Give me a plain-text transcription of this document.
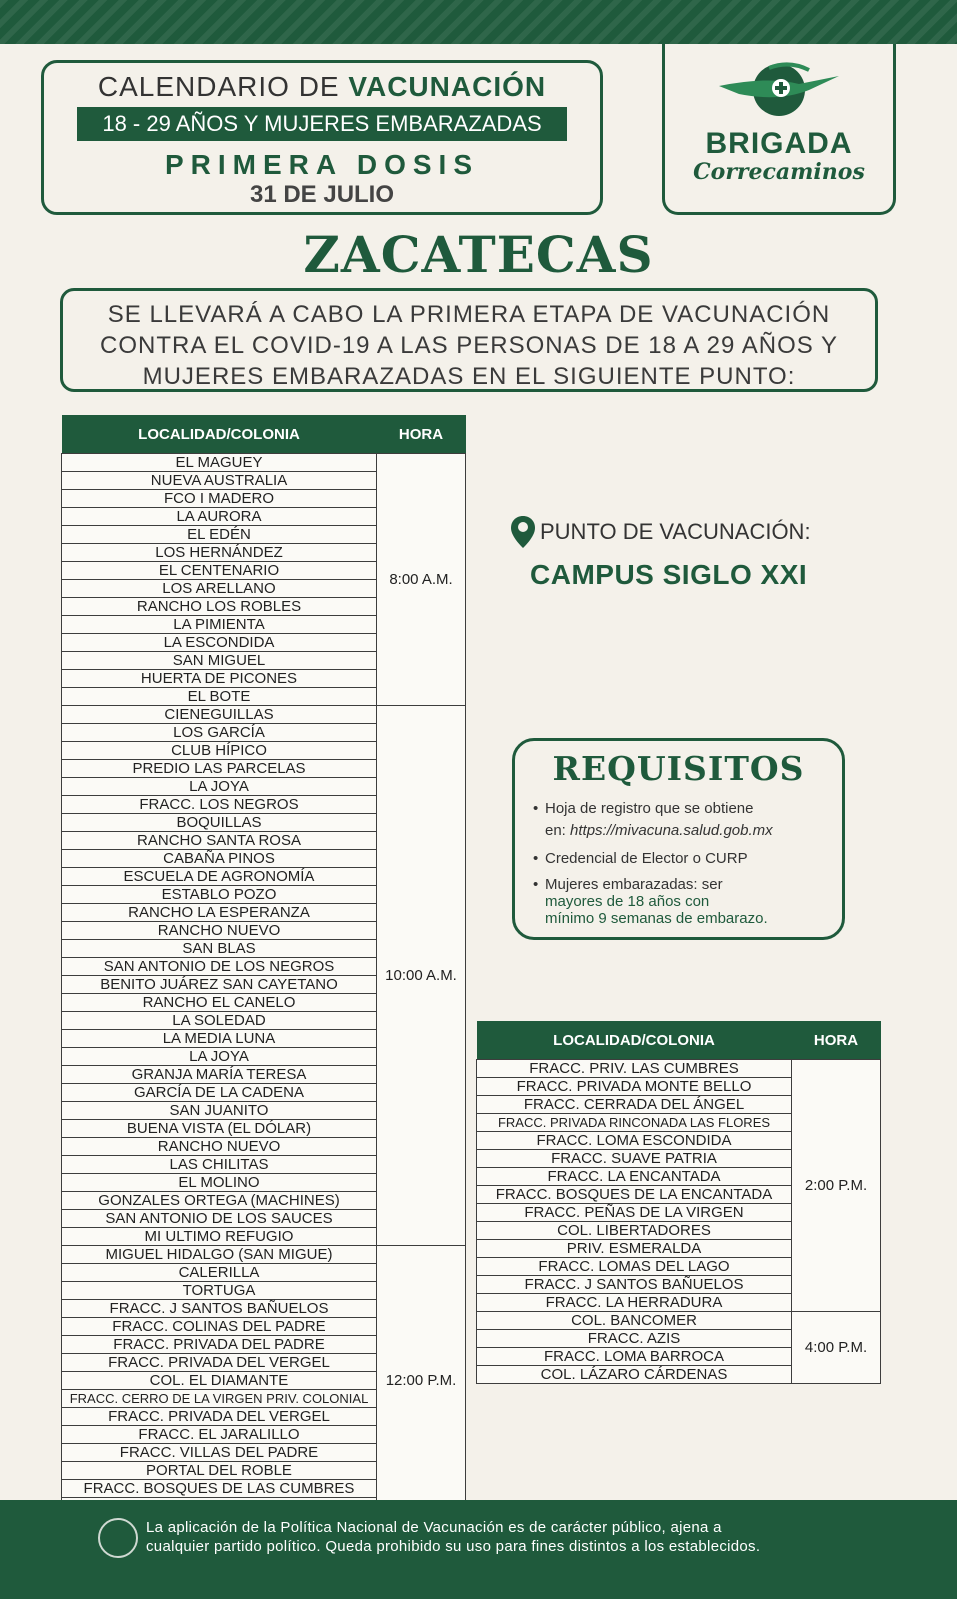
CALENDARIO DE VACUNACIÓN
18 - 29 AÑOS Y MUJERES EMBARAZADAS
PRIMERA DOSIS
31 DE JULIO
BRIGADA
Correcaminos
ZACATECAS
SE LLEVARÁ A CABO LA PRIMERA ETAPA DE VACUNACIÓN
CONTRA EL COVID-19 A LAS PERSONAS DE 18 A 29 AÑOS Y
MUJERES EMBARAZADAS EN EL SIGUIENTE PUNTO:
LOCALIDAD/COLONIA	HORA
EL MAGUEY	8:00 A.M.
NUEVA AUSTRALIA	
FCO I MADERO	
LA AURORA	
EL EDÉN	
LOS HERNÁNDEZ	
EL CENTENARIO	
LOS ARELLANO	
RANCHO LOS ROBLES	
LA PIMIENTA	
LA ESCONDIDA	
SAN MIGUEL	
HUERTA DE PICONES	
EL BOTE	
CIENEGUILLAS	10:00 A.M.
LOS GARCÍA	
CLUB HÍPICO	
PREDIO LAS PARCELAS	
LA JOYA	
FRACC. LOS NEGROS	
BOQUILLAS	
RANCHO SANTA ROSA	
CABAÑA PINOS	
ESCUELA DE AGRONOMÍA	
ESTABLO POZO	
RANCHO LA ESPERANZA	
RANCHO NUEVO	
SAN BLAS	
SAN ANTONIO DE LOS NEGROS	
BENITO JUÁREZ SAN CAYETANO	
RANCHO EL CANELO	
LA SOLEDAD	
LA MEDIA LUNA	
LA JOYA	
GRANJA MARÍA TERESA	
GARCÍA DE LA CADENA	
SAN JUANITO	
BUENA VISTA (EL DÓLAR)	
RANCHO NUEVO	
LAS CHILITAS	
EL MOLINO	
GONZALES ORTEGA (MACHINES)	
SAN ANTONIO DE LOS SAUCES	
MI ULTIMO REFUGIO	
MIGUEL HIDALGO (SAN MIGUE)	12:00 P.M.
CALERILLA	
TORTUGA	
FRACC. J SANTOS BAÑUELOS	
FRACC. COLINAS DEL PADRE	
FRACC. PRIVADA DEL PADRE	
FRACC. PRIVADA DEL VERGEL	
COL. EL DIAMANTE	
FRACC. CERRO DE LA VIRGEN PRIV. COLONIAL	
FRACC. PRIVADA DEL VERGEL	
FRACC. EL JARALILLO	
FRACC. VILLAS DEL PADRE	
PORTAL DEL ROBLE	
FRACC. BOSQUES DE LAS CUMBRES	

PUNTO DE VACUNACIÓN:
CAMPUS SIGLO XXI
REQUISITOS
• Hoja de registro que se obtiene
en: https://mivacuna.salud.gob.mx
• Credencial de Elector o CURP
• Mujeres embarazadas: ser
mayores de 18 años con
mínimo 9 semanas de embarazo.
LOCALIDAD/COLONIA	HORA
FRACC. PRIV. LAS CUMBRES	2:00 P.M.
FRACC. PRIVADA MONTE BELLO	
FRACC. CERRADA DEL ÁNGEL	
FRACC. PRIVADA RINCONADA LAS FLORES	
FRACC. LOMA ESCONDIDA	
FRACC. SUAVE PATRIA	
FRACC. LA ENCANTADA	
FRACC. BOSQUES DE LA ENCANTADA	
FRACC. PEÑAS DE LA VIRGEN	
COL. LIBERTADORES	
PRIV. ESMERALDA	
FRACC. LOMAS DEL LAGO	
FRACC. J SANTOS BAÑUELOS	
FRACC. LA HERRADURA	
COL. BANCOMER	4:00 P.M.
FRACC. AZIS	
FRACC. LOMA BARROCA	
COL. LÁZARO CÁRDENAS	
La aplicación de la Política Nacional de Vacunación es de carácter público, ajena a
cualquier partido político. Queda prohibido su uso para fines distintos a los establecidos.
